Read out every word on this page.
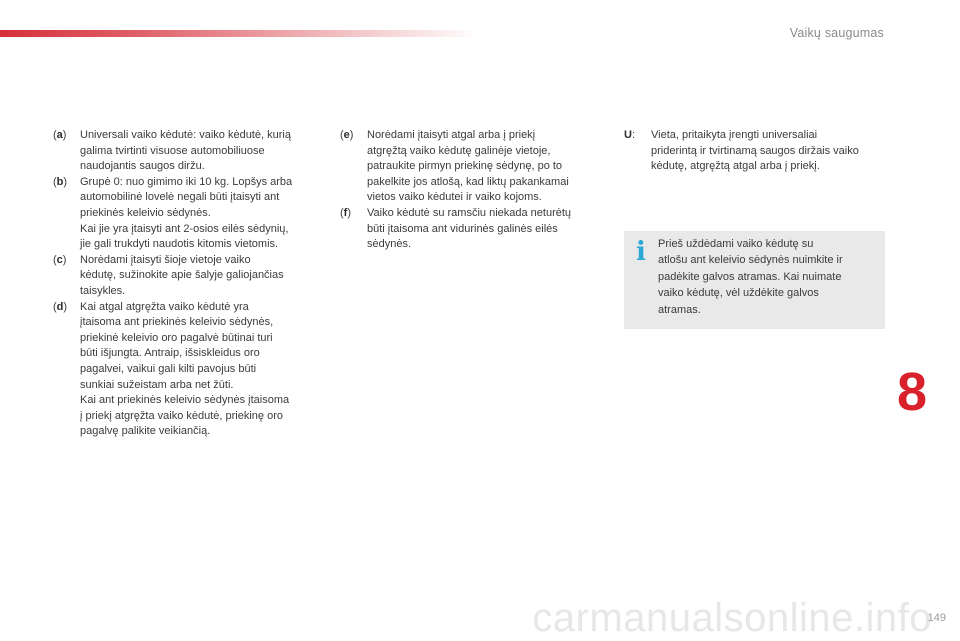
Vaikų saugumas
(a) Universali vaiko kėdutė: vaiko kėdutė, kurią

galima tvirtinti visuose automobiliuose

naudojantis saugos diržu.

(b) Grupė 0: nuo gimimo iki 10 kg. Lopšys arba

automobilinė lovelė negali būti įtaisyti ant

priekinės keleivio sėdynės.

Kai jie yra įtaisyti ant 2-osios eilės sėdynių,

jie gali trukdyti naudotis kitomis vietomis.

(c) Norėdami įtaisyti šioje vietoje vaiko

kėdutę, sužinokite apie šalyje galiojančias

taisykles.

(d) Kai atgal atgręžta vaiko kėdutė yra

įtaisoma ant priekinės keleivio sėdynės,

priekinė keleivio oro pagalvė būtinai turi

būti išjungta. Antraip, išsiskleidus oro

pagalvei, vaikui gali kilti pavojus būti

sunkiai sužeistam arba net žūti.

Kai ant priekinės keleivio sėdynės įtaisoma

į priekį atgręžta vaiko kėdutė, priekinę oro

pagalvę palikite veikiančią.

(e) Norėdami įtaisyti atgal arba į priekį

atgręžtą vaiko kėdutę galinėje vietoje,

patraukite pirmyn priekinę sėdynę, po to

pakelkite jos atlošą, kad liktų pakankamai

vietos vaiko kėdutei ir vaiko kojoms.

(f) Vaiko kėdutė su ramsčiu niekada neturėtų

būti įtaisoma ant vidurinės galinės eilės

sėdynės.

U: Vieta, pritaikyta įrengti universaliai

priderintą ir tvirtinamą saugos diržais vaiko

kėdutę, atgręžtą atgal arba į priekį.

i Prieš uždėdami vaiko kėdutę su
atlošu ant keleivio sėdynės nuimkite ir
padėkite galvos atramas. Kai nuimate
vaiko kėdutę, vėl uždėkite galvos
atramas.
8
carmanualsonline.info
149
